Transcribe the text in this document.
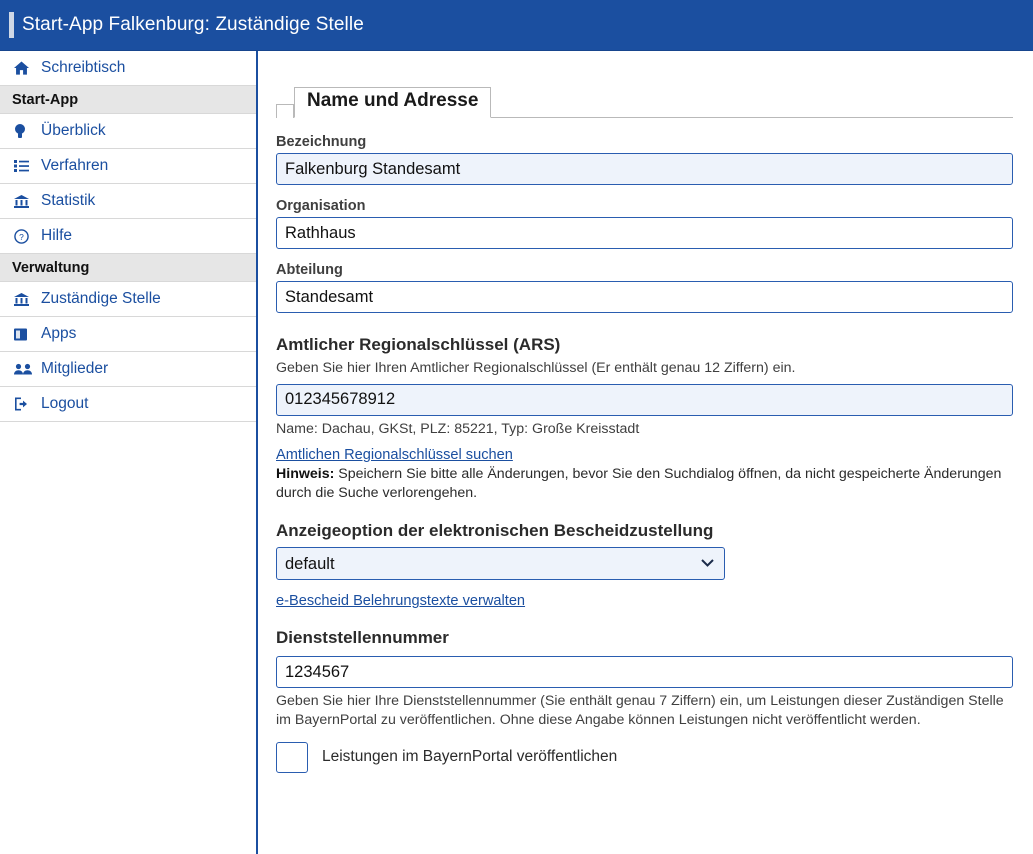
Start-App Falkenburg: Zuständige Stelle
Schreibtisch
Start-App
Überblick
Verfahren
Statistik
? Hilfe
Verwaltung
Zuständige Stelle
Apps
Mitglieder
Logout
Name und Adresse
Bezeichnung
Falkenburg Standesamt
Organisation
Rathhaus
Abteilung
Standesamt
Amtlicher Regionalschlüssel (ARS)
Geben Sie hier Ihren Amtlicher Regionalschlüssel (Er enthält genau 12 Ziffern) ein.
012345678912
Name: Dachau, GKSt, PLZ: 85221, Typ: Große Kreisstadt
Amtlichen Regionalschlüssel suchen
Hinweis: Speichern Sie bitte alle Änderungen, bevor Sie den Suchdialog öffnen, da nicht gespeicherte Änderungen durch die Suche verlorengehen.
Anzeigeoption der elektronischen Bescheidzustellung
default
e-Bescheid Belehrungstexte verwalten
Dienststellennummer
1234567
Geben Sie hier Ihre Dienststellennummer (Sie enthält genau 7 Ziffern) ein, um Leistungen dieser Zuständigen Stelle im BayernPortal zu veröffentlichen. Ohne diese Angabe können Leistungen nicht veröffentlicht werden.
Leistungen im BayernPortal veröffentlichen
